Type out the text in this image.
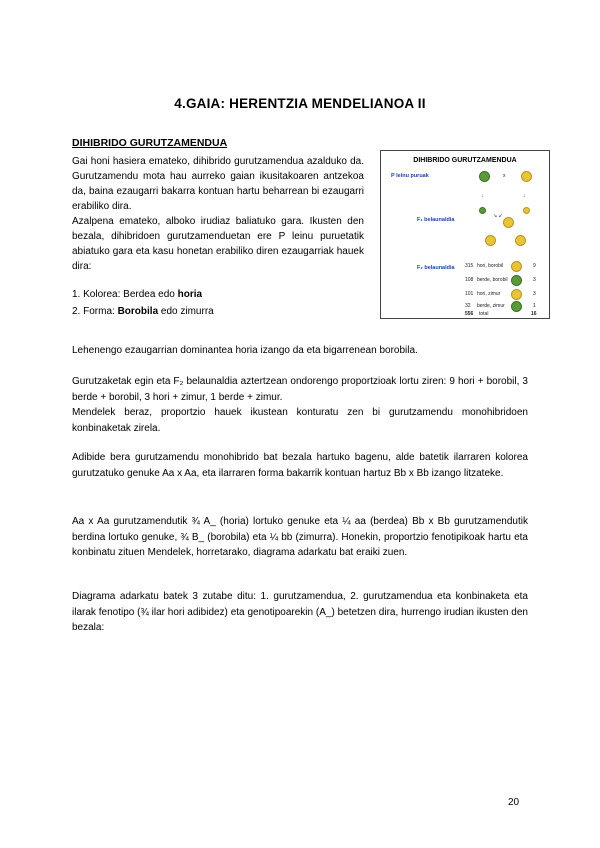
4.GAIA: HERENTZIA MENDELIANOA II
DIHIBRIDO GURUTZAMENDUA

Gai honi hasiera emateko, dihibrido gurutzamendua azalduko da. Gurutzamendu mota hau aurreko gaian ikusitakoaren antzekoa da, baina ezaugarri bakarra kontuan hartu beharrean bi ezaugarri erabiliko dira.

Azalpena emateko, alboko irudiaz baliatuko gara. Ikusten den bezala, dihibridoen gurutzamenduetan ere P leinu puruetatik abiatuko gara eta kasu honetan erabiliko diren ezaugarriak hauek dira:

1. Kolorea: Berdea edo horia
2. Forma: Borobila edo zimurra
DIHIBRIDO GURUTZAMENDUA
P leinu puruak	x
↓	↓
F₁ belaunaldia
↘ ↙
F₂ belaunaldia 315 hori, borobil	9
108 berde, borobil	3
101 hori, zimur	3
32 berde, zimur	1
556 total	16
Lehenengo ezaugarrian dominantea horia izango da eta bigarrenean borobila.

Gurutzaketak egin eta F₂ belaunaldia aztertzean ondorengo proportzioak lortu ziren: 9 hori + borobil, 3 berde + borobil, 3 hori + zimur, 1 berde + zimur.

Mendelek beraz, proportzio hauek ikustean konturatu zen bi gurutzamendu monohibridoen konbinaketak zirela.

Adibide bera gurutzamendu monohibrido bat bezala hartuko bagenu, alde batetik ilarraren kolorea gurutzatuko genuke Aa x Aa, eta ilarraren forma bakarrik kontuan hartuz Bb x Bb izango litzateke.
Aa x Aa gurutzamendutik ¾ A_ (horia) lortuko genuke eta ¼ aa (berdea) Bb x Bb gurutzamendutik berdina lortuko genuke, ¾ B_ (borobila) eta ¼ bb (zimurra). Honekin, proportzio fenotipikoak hartu eta konbinatu zituen Mendelek, horretarako, diagrama adarkatu bat eraiki zuen.
Diagrama adarkatu batek 3 zutabe ditu: 1. gurutzamendua, 2. gurutzamendua eta konbinaketa eta ilarak fenotipo (¾ ilar hori adibidez) eta genotipoarekin (A_) betetzen dira, hurrengo irudian ikusten den bezala:
20
